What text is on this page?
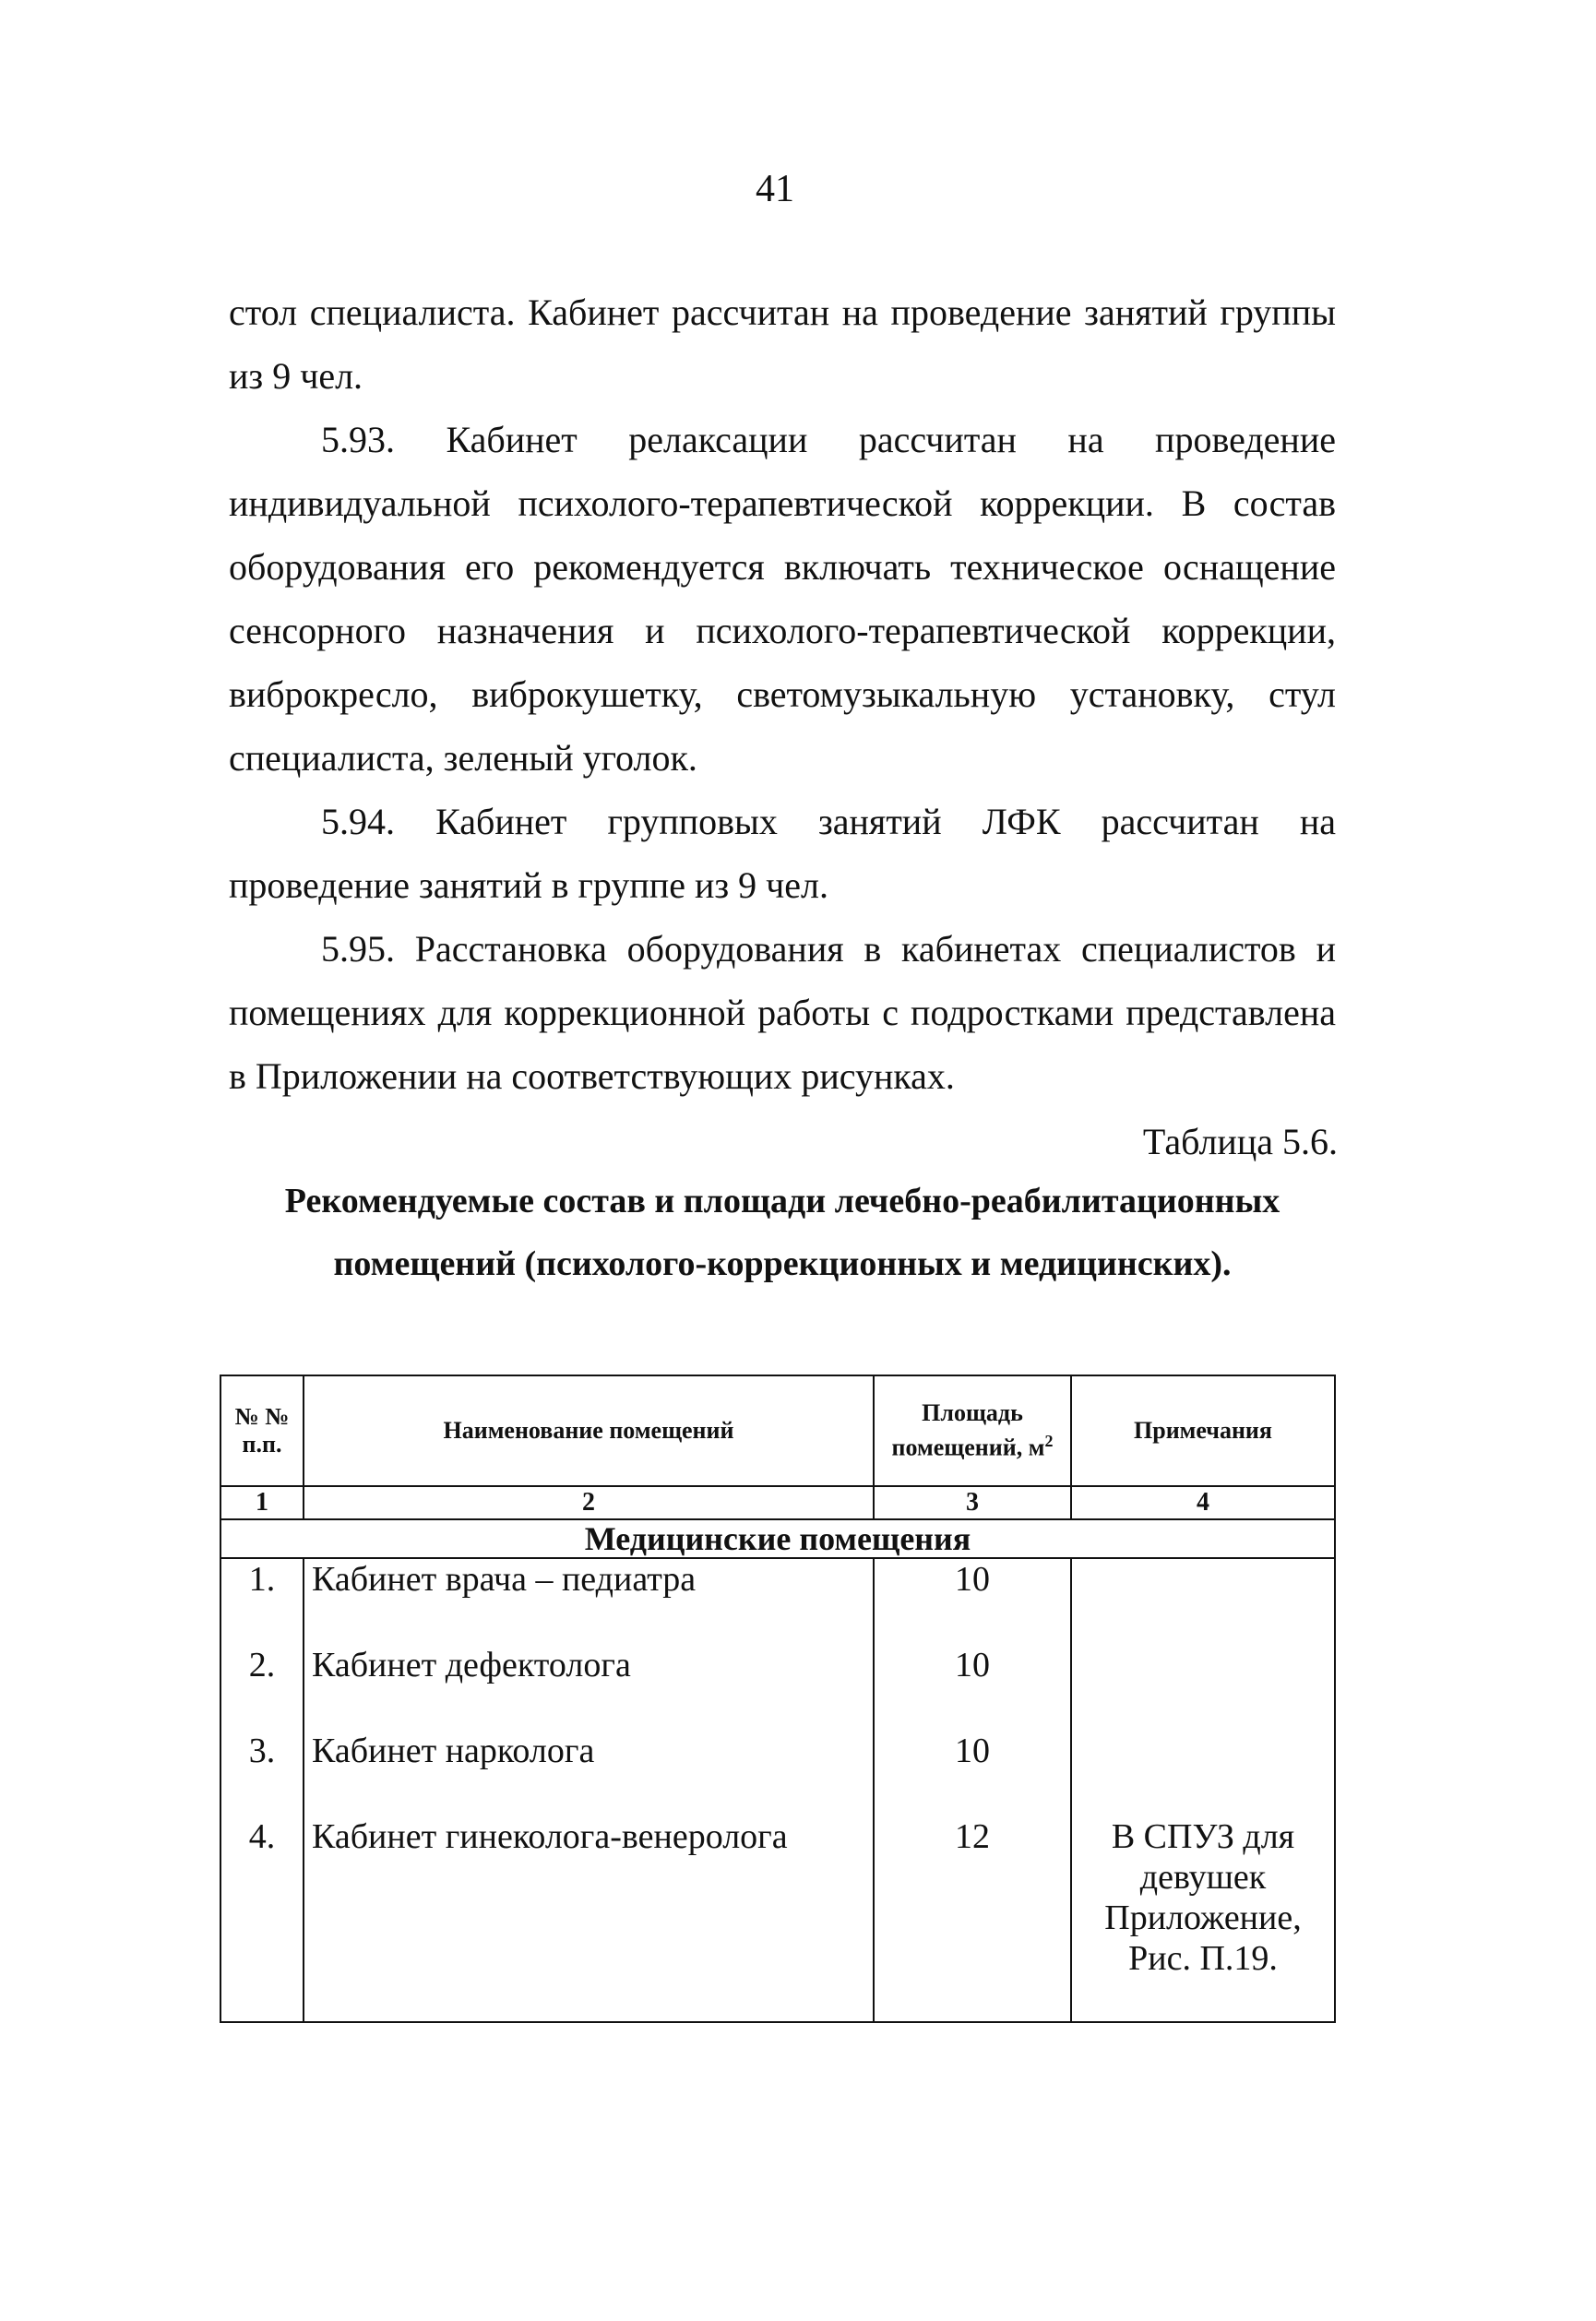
41

стол специалиста. Кабинет рассчитан на проведение занятий группы из 9 чел.

5.93. Кабинет релаксации рассчитан на проведение индивидуальной психолого-терапевтической коррекции. В состав оборудования его рекомендуется включать техническое оснащение сенсорного назначения и психолого-терапевтической коррекции, виброкресло, виброкушетку, светомузыкальную установку, стул специалиста, зеленый уголок.

5.94. Кабинет групповых занятий ЛФК рассчитан на проведение занятий в группе из 9 чел.

5.95. Расстановка оборудования в кабинетах специалистов и помещениях для коррекционной работы с подростками представлена в Приложении на соответствующих рисунках.

Таблица 5.6.

Рекомендуемые состав и площади лечебно-реабилитационных помещений (психолого-коррекционных и медицинских).

№ № п.п.	Наименование помещений	Площадь помещений, $м^2$	Примечания
1	2	3	4
Медицинские помещения			
1.	Кабинет врача – педиатра	10	
2.	Кабинет дефектолога	10	
3.	Кабинет нарколога	10	
4.	Кабинет гинеколога-венеролога	12	В СПУЗ для девушек Приложение, Рис. П.19.
